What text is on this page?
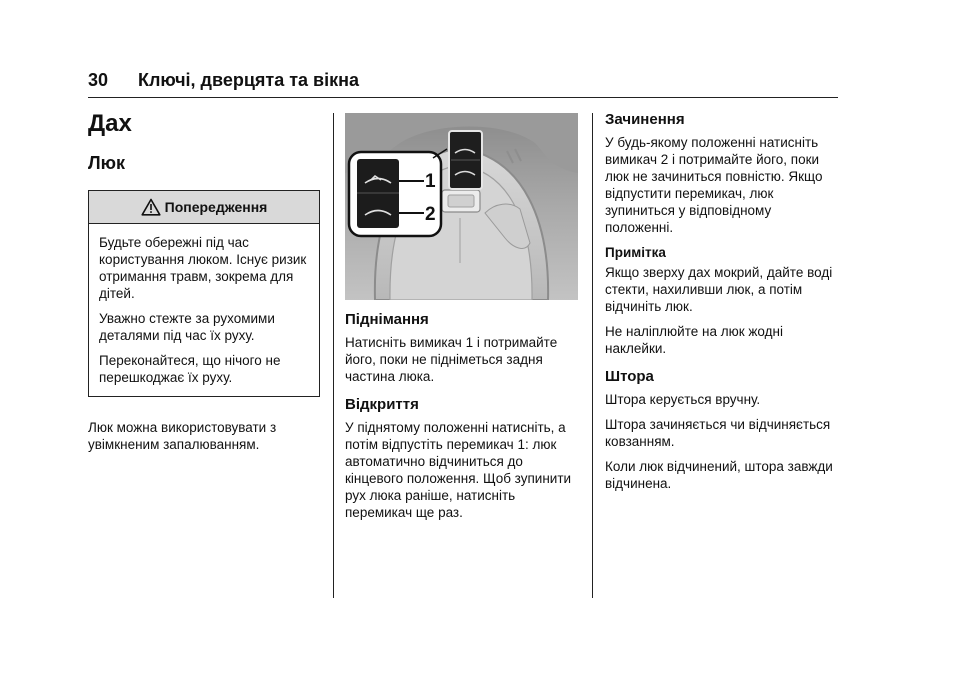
30	Ключі, дверцята та вікна
Дах
Люк
Попередження

Будьте обережні під час користування люком. Існує ризик отримання травм, зокрема для дітей.

Уважно стежте за рухомими деталями під час їх руху.

Переконайтеся, що нічого не перешкоджає їх руху.

Люк можна використовувати з увімкненим запалюванням.

1
2
Піднімання

Натисніть вимикач 1 і потримайте його, поки не підніметься задня частина люка.

Відкриття

У піднятому положенні натисніть, а потім відпустіть перемикач 1: люк автоматично відчиниться до кінцевого положення. Щоб зупинити рух люка раніше, натисніть перемикач ще раз.

Зачинення

У будь-якому положенні натисніть вимикач 2 і потримайте його, поки люк не зачиниться повністю. Якщо відпустити перемикач, люк зупиниться у відповідному положенні.

Примітка

Якщо зверху дах мокрий, дайте воді стекти, нахиливши люк, а потім відчиніть люк.

Не наліплюйте на люк жодні наклейки.

Штора

Штора керується вручну.

Штора зачиняється чи відчиняється ковзанням.

Коли люк відчинений, штора завжди відчинена.
